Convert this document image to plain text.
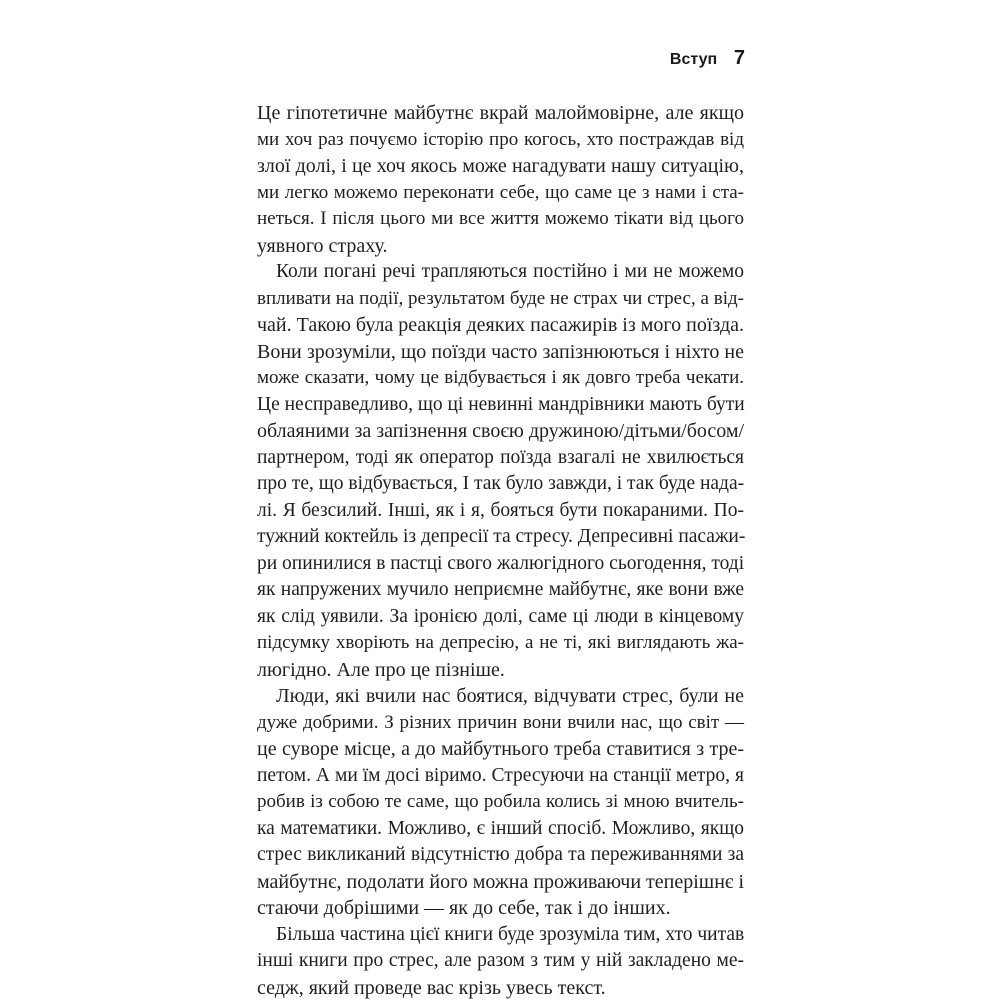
Вступ 7
Це гіпотетичне майбутнє вкрай малоймовірне, але якщо
ми хоч раз почуємо історію про когось, хто постраждав від
злої долі, і це хоч якось може нагадувати нашу ситуацію,
ми легко можемо переконати себе, що саме це з нами і ста-
неться. І після цього ми все життя можемо тікати від цього
уявного страху.
Коли погані речі трапляються постійно і ми не можемо
впливати на події, результатом буде не страх чи стрес, а від-
чай. Такою була реакція деяких пасажирів із мого поїзда.
Вони зрозуміли, що поїзди часто запізнюються і ніхто не
може сказати, чому це відбувається і як довго треба чекати.
Це несправедливо, що ці невинні мандрівники мають бути
облаяними за запізнення своєю дружиною/дітьми/босом/
партнером, тоді як оператор поїзда взагалі не хвилюється
про те, що відбувається, І так було завжди, і так буде нада-
лі. Я безсилий. Інші, як і я, бояться бути покараними. По-
тужний коктейль із депресії та стресу. Депресивні пасажи-
ри опинилися в пастці свого жалюгідного сьогодення, тоді
як напружених мучило неприємне майбутнє, яке вони вже
як слід уявили. За іронією долі, саме ці люди в кінцевому
підсумку хворіють на депресію, а не ті, які виглядають жа-
люгідно. Але про це пізніше.
Люди, які вчили нас боятися, відчувати стрес, були не
дуже добрими. З різних причин вони вчили нас, що світ —
це суворе місце, а до майбутнього треба ставитися з тре-
петом. А ми їм досі віримо. Стресуючи на станції метро, я
робив із собою те саме, що робила колись зі мною вчитель-
ка математики. Можливо, є інший спосіб. Можливо, якщо
стрес викликаний відсутністю добра та переживаннями за
майбутнє, подолати його можна проживаючи теперішнє і
стаючи добрішими — як до себе, так і до інших.
Більша частина цієї книги буде зрозуміла тим, хто читав
інші книги про стрес, але разом з тим у ній закладено ме-
седж, який проведе вас крізь увесь текст.
